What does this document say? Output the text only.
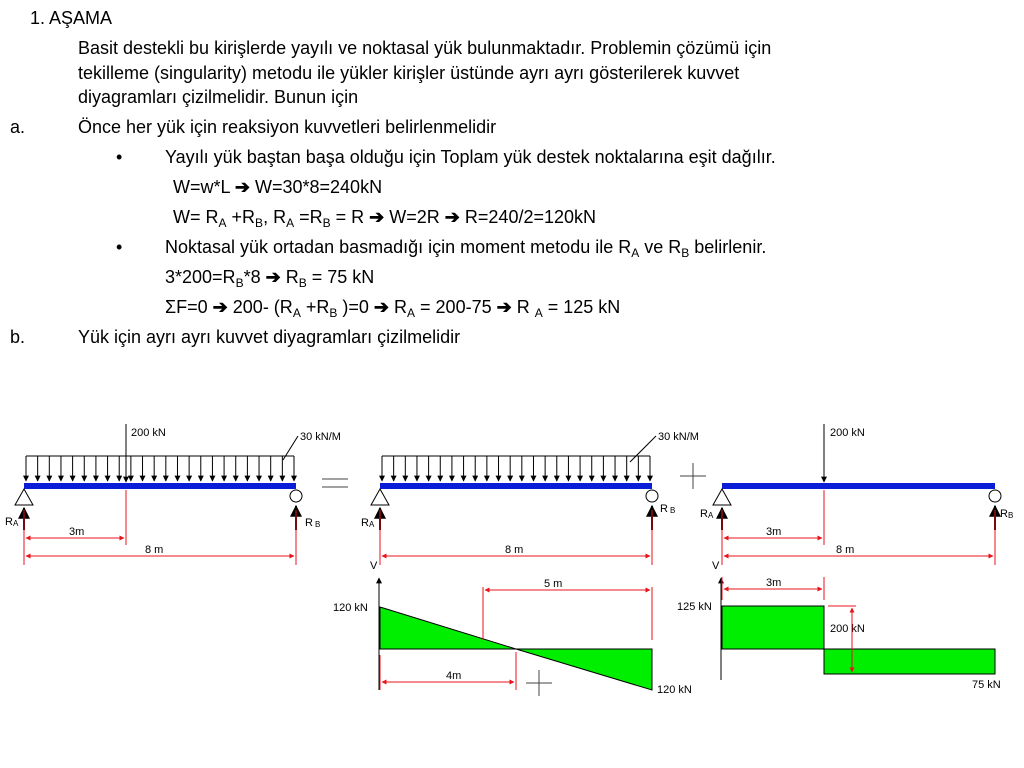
1. AŞAMA
Basit destekli bu kirişlerde yayılı ve noktasal yük bulunmaktadır. Problemin çözümü için
tekilleme (singularity) metodu ile yükler kirişler üstünde ayrı ayrı gösterilerek kuvvet
diyagramları çizilmelidir. Bunun için
a.	Önce her yük için reaksiyon kuvvetleri belirlenmelidir
• Yayılı yük baştan başa olduğu için Toplam yük destek noktalarına eşit dağılır.
W=w*L ➔ W=30*8=240kN
$W= R_A +R_B$, $R_A =R_B = R$ ➔ W=2R ➔ R=240/2=120kN
• Noktasal yük ortadan basmadığı için moment metodu ile $R_A$ ve $R_B$ belirlenir.
$3*200=R_B*8$ ➔ $R_B = 75$ kN
ΣF=0 ➔ 200- ($R_A +R_B$ )=0 ➔ $R_A = 200-75$ ➔ R $_A$ = 125 kN
b.	Yük için ayrı ayrı kuvvet diyagramları çizilmelidir
200 kN	30 kN/M
RA	R B
3m
8 m
30 kN/M
RA
R B
8 m
V
120 kN
120 kN
5 m
4m
200 kN
RA	RB
3m
8 m
V
125 kN
200 kN
75 kN
3m
